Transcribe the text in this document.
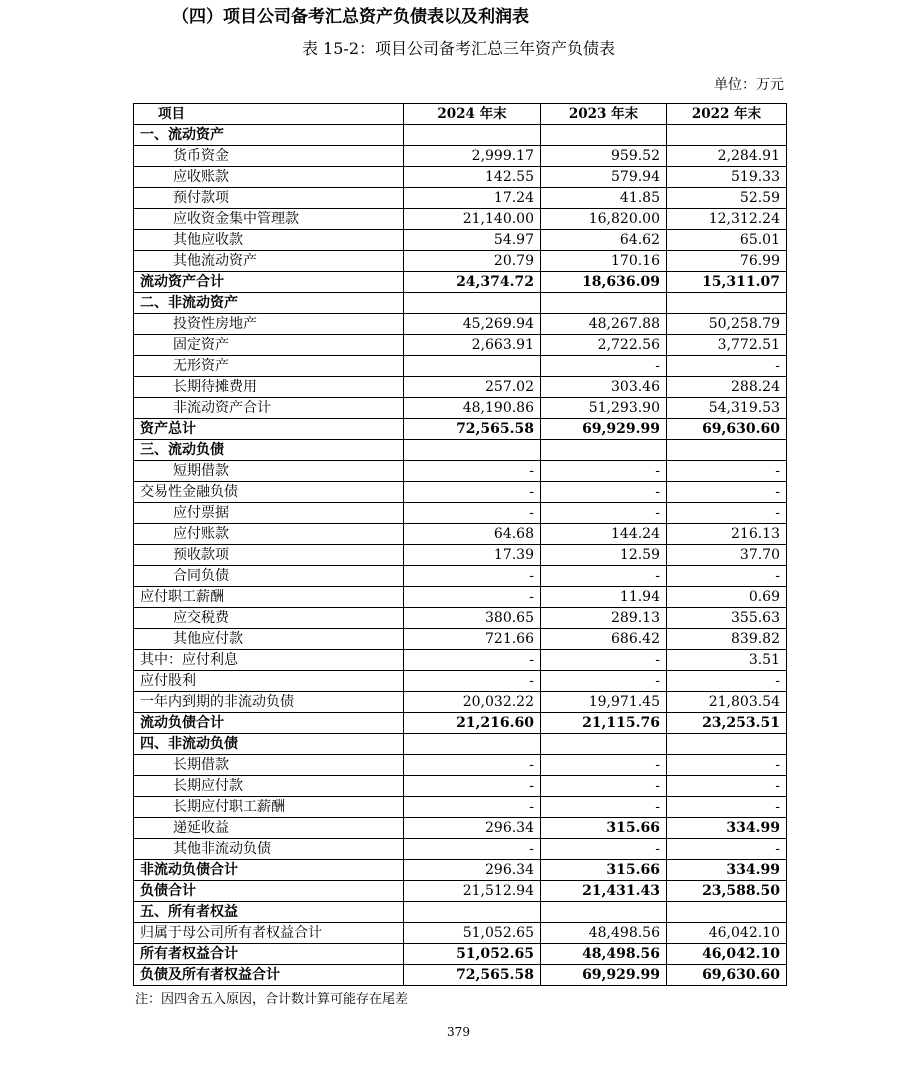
（四）项目公司备考汇总资产负债表以及利润表
表 15-2：项目公司备考汇总三年资产负债表
单位：万元
项目	2024 年末	2023 年末	2022 年末
一、流动资产			
货币资金	2,999.17	959.52	2,284.91
应收账款	142.55	579.94	519.33
预付款项	17.24	41.85	52.59
应收资金集中管理款	21,140.00	16,820.00	12,312.24
其他应收款	54.97	64.62	65.01
其他流动资产	20.79	170.16	76.99
流动资产合计	24,374.72	18,636.09	15,311.07
二、非流动资产			
投资性房地产	45,269.94	48,267.88	50,258.79
固定资产	2,663.91	2,722.56	3,772.51
无形资产		-	-
长期待摊费用	257.02	303.46	288.24
非流动资产合计	48,190.86	51,293.90	54,319.53
资产总计	72,565.58	69,929.99	69,630.60
三、流动负债			
短期借款	-	-	-
交易性金融负债	-	-	-
应付票据	-	-	-
应付账款	64.68	144.24	216.13
预收款项	17.39	12.59	37.70
合同负债	-	-	-
应付职工薪酬	-	11.94	0.69
应交税费	380.65	289.13	355.63
其他应付款	721.66	686.42	839.82
其中：应付利息	-	-	3.51
应付股利	-	-	-
一年内到期的非流动负债	20,032.22	19,971.45	21,803.54
流动负债合计	21,216.60	21,115.76	23,253.51
四、非流动负债			
长期借款	-	-	-
长期应付款	-	-	-
长期应付职工薪酬	-	-	-
递延收益	296.34	315.66	334.99
其他非流动负债	-	-	-
非流动负债合计	296.34	315.66	334.99
负债合计	21,512.94	21,431.43	23,588.50
五、所有者权益			
归属于母公司所有者权益合计	51,052.65	48,498.56	46,042.10
所有者权益合计	51,052.65	48,498.56	46,042.10
负债及所有者权益合计	72,565.58	69,929.99	69,630.60
注：因四舍五入原因，合计数计算可能存在尾差
379
